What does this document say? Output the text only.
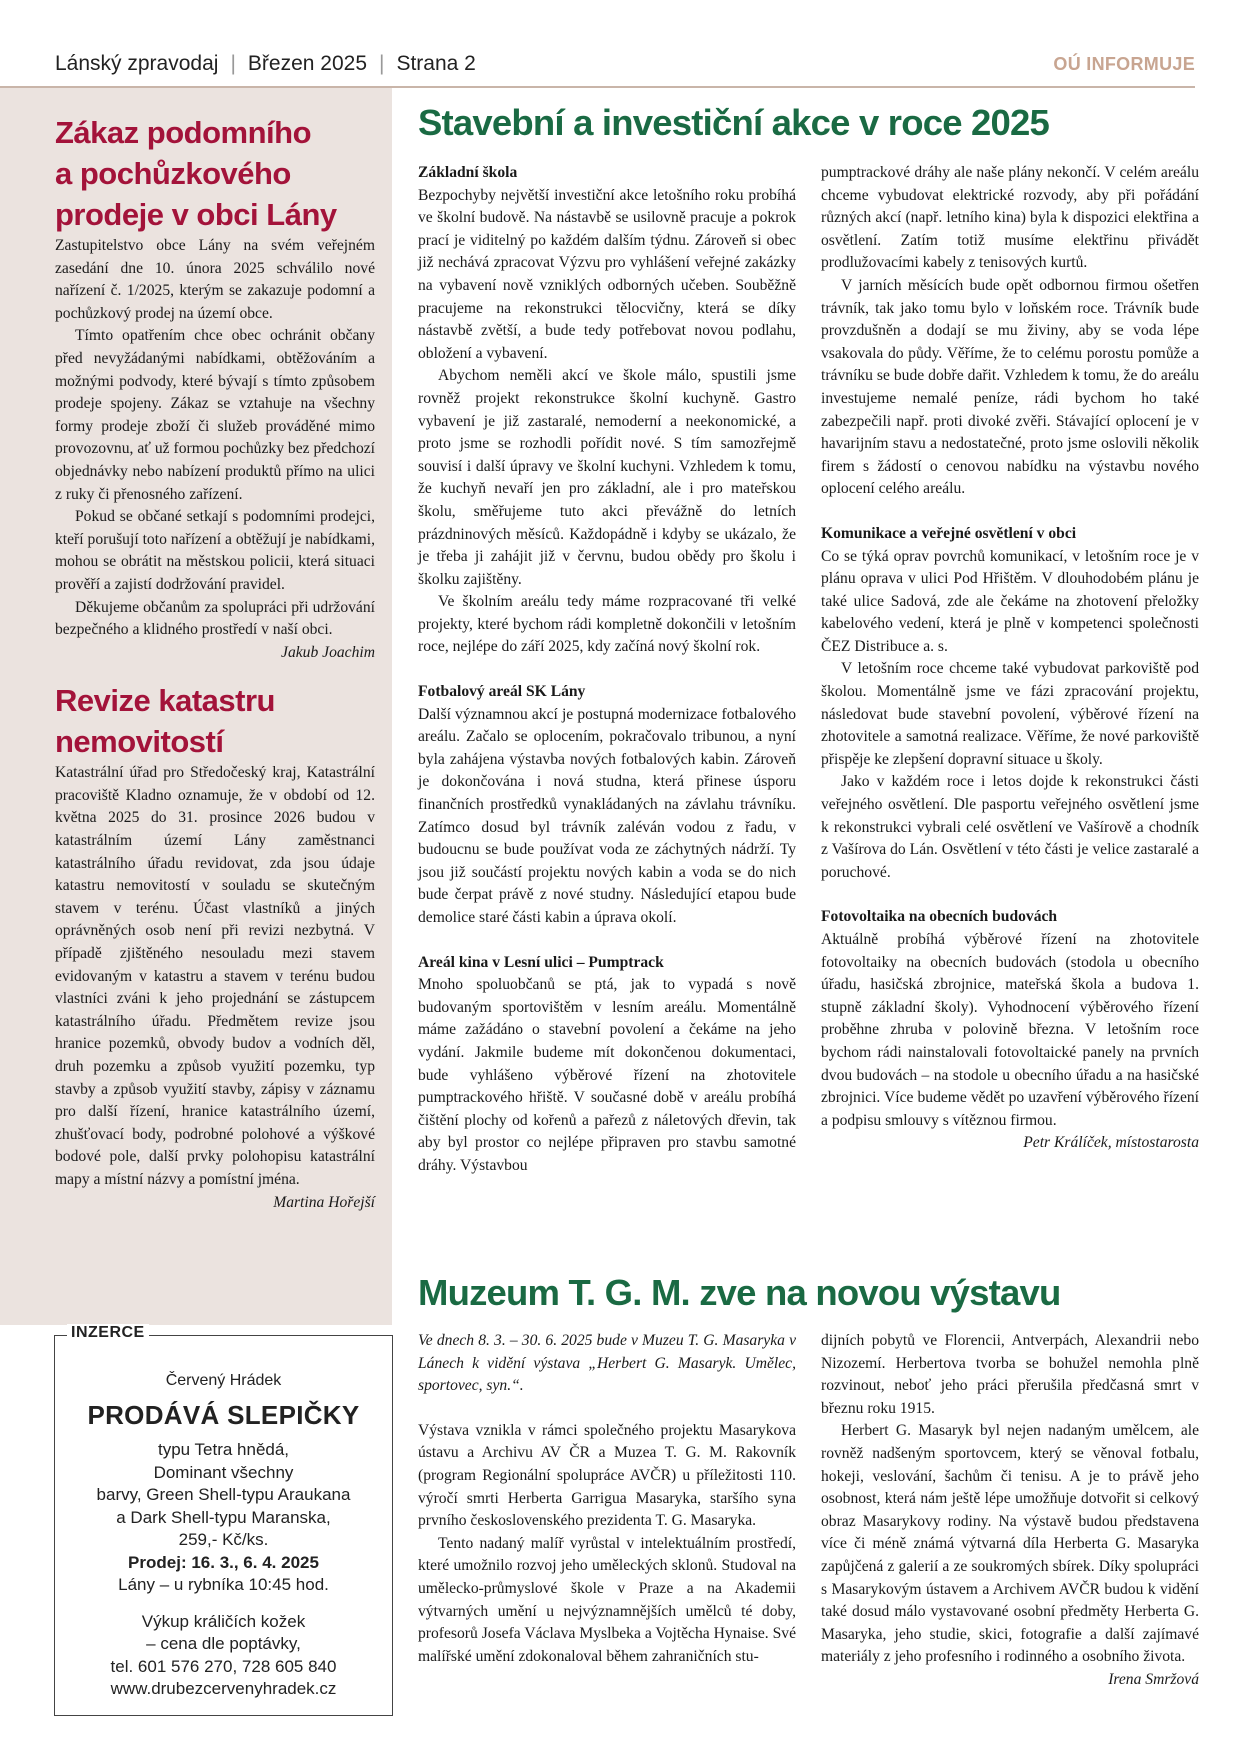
Lánský zpravodaj | Březen 2025 | Strana 2	OÚ INFORMUJE
Zákaz podomního
a pochůzkového
prodeje v obci Lány

Zastupitelstvo obce Lány na svém veřejném zasedání dne 10. února 2025 schválilo nové nařízení č. 1/2025, kterým se zakazuje podomní a pochůzkový prodej na území obce.

Tímto opatřením chce obec ochránit občany před nevyžádanými nabídkami, obtěžováním a možnými podvody, které bývají s tímto způsobem prodeje spojeny. Zákaz se vztahuje na všechny formy prodeje zboží či služeb prováděné mimo provozovnu, ať už formou pochůzky bez předchozí objednávky nebo nabízení produktů přímo na ulici z ruky či přenosného zařízení.

Pokud se občané setkají s podomními prodejci, kteří porušují toto nařízení a obtěžují je nabídkami, mohou se obrátit na městskou policii, která situaci prověří a zajistí dodržování pravidel.

Děkujeme občanům za spolupráci při udržování bezpečného a klidného prostředí v naší obci.

Jakub Joachim

Revize katastru
nemovitostí

Katastrální úřad pro Středočeský kraj, Katastrální pracoviště Kladno oznamuje, že v období od 12. května 2025 do 31. prosince 2026 budou v katastrálním území Lány zaměstnanci katastrálního úřadu revidovat, zda jsou údaje katastru nemovitostí v souladu se skutečným stavem v terénu. Účast vlastníků a jiných oprávněných osob není při revizi nezbytná. V případě zjištěného nesouladu mezi stavem evidovaným v katastru a stavem v terénu budou vlastníci zváni k jeho projednání se zástupcem katastrálního úřadu. Předmětem revize jsou hranice pozemků, obvody budov a vodních děl, druh pozemku a způsob využití pozemku, typ stavby a způsob využití stavby, zápisy v záznamu pro další řízení, hranice katastrálního území, zhušťovací body, podrobné polohové a výškové bodové pole, další prvky polohopisu katastrální mapy a místní názvy a pomístní jména.

Martina Hořejší

INZERCE
Červený Hrádek
PRODÁVÁ SLEPIČKY
typu Tetra hnědá,
Dominant všechny
barvy, Green Shell-typu Araukana
a Dark Shell-typu Maranska,
259,- Kč/ks.
Prodej: 16. 3., 6. 4. 2025
Lány – u rybníka 10:45 hod.
Výkup králičích kožek
– cena dle poptávky,
tel. 601 576 270, 728 605 840
www.drubezcervenyhradek.cz
Stavební a investiční akce v roce 2025
Základní škola

Bezpochyby největší investiční akce letošního roku probíhá ve školní budově. Na nástavbě se usilovně pracuje a pokrok prací je viditelný po každém dalším týdnu. Zároveň si obec již nechává zpracovat Výzvu pro vyhlášení veřejné zakázky na vybavení nově vzniklých odborných učeben. Souběžně pracujeme na rekonstrukci tělocvičny, která se díky nástavbě zvětší, a bude tedy potřebovat novou podlahu, obložení a vybavení.

Abychom neměli akcí ve škole málo, spustili jsme rovněž projekt rekonstrukce školní kuchyně. Gastro vybavení je již zastaralé, nemoderní a neekonomické, a proto jsme se rozhodli pořídit nové. S tím samozřejmě souvisí i další úpravy ve školní kuchyni. Vzhledem k tomu, že kuchyň nevaří jen pro základní, ale i pro mateřskou školu, směřujeme tuto akci převážně do letních prázdninových měsíců. Každopádně i kdyby se ukázalo, že je třeba ji zahájit již v červnu, budou obědy pro školu i školku zajištěny.

Ve školním areálu tedy máme rozpracované tři velké projekty, které bychom rádi kompletně dokončili v letošním roce, nejlépe do září 2025, kdy začíná nový školní rok.

Fotbalový areál SK Lány

Další významnou akcí je postupná modernizace fotbalového areálu. Začalo se oplocením, pokračovalo tribunou, a nyní byla zahájena výstavba nových fotbalových kabin. Zároveň je dokončována i nová studna, která přinese úsporu finančních prostředků vynakládaných na závlahu trávníku. Zatímco dosud byl trávník zaléván vodou z řadu, v budoucnu se bude používat voda ze záchytných nádrží. Ty jsou již součástí projektu nových kabin a voda se do nich bude čerpat právě z nové studny. Následující etapou bude demolice staré části kabin a úprava okolí.

Areál kina v Lesní ulici – Pumptrack

Mnoho spoluobčanů se ptá, jak to vypadá s nově budovaným sportovištěm v lesním areálu. Momentálně máme zažádáno o stavební povolení a čekáme na jeho vydání. Jakmile budeme mít dokončenou dokumentaci, bude vyhlášeno výběrové řízení na zhotovitele pumptrackového hřiště. V současné době v areálu probíhá čištění plochy od kořenů a pařezů z náletových dřevin, tak aby byl prostor co nejlépe připraven pro stavbu samotné dráhy. Výstavbou

pumptrackové dráhy ale naše plány nekončí. V celém areálu chceme vybudovat elektrické rozvody, aby při pořádání různých akcí (např. letního kina) byla k dispozici elektřina a osvětlení. Zatím totiž musíme elektřinu přivádět prodlužovacími kabely z tenisových kurtů.

V jarních měsících bude opět odbornou firmou ošetřen trávník, tak jako tomu bylo v loňském roce. Trávník bude provzdušněn a dodají se mu živiny, aby se voda lépe vsakovala do půdy. Věříme, že to celému porostu pomůže a trávníku se bude dobře dařit. Vzhledem k tomu, že do areálu investujeme nemalé peníze, rádi bychom ho také zabezpečili např. proti divoké zvěři. Stávající oplocení je v havarijním stavu a nedostatečné, proto jsme oslovili několik firem s žádostí o cenovou nabídku na výstavbu nového oplocení celého areálu.

Komunikace a veřejné osvětlení v obci

Co se týká oprav povrchů komunikací, v letošním roce je v plánu oprava v ulici Pod Hřištěm. V dlouhodobém plánu je také ulice Sadová, zde ale čekáme na zhotovení přeložky kabelového vedení, která je plně v kompetenci společnosti ČEZ Distribuce a. s.

V letošním roce chceme také vybudovat parkoviště pod školou. Momentálně jsme ve fázi zpracování projektu, následovat bude stavební povolení, výběrové řízení na zhotovitele a samotná realizace. Věříme, že nové parkoviště přispěje ke zlepšení dopravní situace u školy.

Jako v každém roce i letos dojde k rekonstrukci části veřejného osvětlení. Dle pasportu veřejného osvětlení jsme k rekonstrukci vybrali celé osvětlení ve Vašírově a chodník z Vašírova do Lán. Osvětlení v této části je velice zastaralé a poruchové.

Fotovoltaika na obecních budovách

Aktuálně probíhá výběrové řízení na zhotovitele fotovoltaiky na obecních budovách (stodola u obecního úřadu, hasičská zbrojnice, mateřská škola a budova 1. stupně základní školy). Vyhodnocení výběrového řízení proběhne zhruba v polovině března. V letošním roce bychom rádi nainstalovali fotovoltaické panely na prvních dvou budovách – na stodole u obecního úřadu a na hasičské zbrojnici. Více budeme vědět po uzavření výběrového řízení a podpisu smlouvy s vítěznou firmou.

Petr Králíček, místostarosta

Muzeum T. G. M. zve na novou výstavu

Ve dnech 8. 3. – 30. 6. 2025 bude v Muzeu T. G. Masaryka v Lánech k vidění výstava „Herbert G. Masaryk. Umělec, sportovec, syn.“.

Výstava vznikla v rámci společného projektu Masarykova ústavu a Archivu AV ČR a Muzea T. G. M. Rakovník (program Regionální spolupráce AVČR) u příležitosti 110. výročí smrti Herberta Garrigua Masaryka, staršího syna prvního československého prezidenta T. G. Masaryka.

Tento nadaný malíř vyrůstal v intelektuálním prostředí, které umožnilo rozvoj jeho uměleckých sklonů. Studoval na umělecko-průmyslové škole v Praze a na Akademii výtvarných umění u nejvýznamnějších umělců té doby, profesorů Josefa Václava Myslbeka a Vojtěcha Hynaise. Své malířské umění zdokonaloval během zahraničních stu-

dijních pobytů ve Florencii, Antverpách, Alexandrii nebo Nizozemí. Herbertova tvorba se bohužel nemohla plně rozvinout, neboť jeho práci přerušila předčasná smrt v březnu roku 1915.

Herbert G. Masaryk byl nejen nadaným umělcem, ale rovněž nadšeným sportovcem, který se věnoval fotbalu, hokeji, veslování, šachům či tenisu. A je to právě jeho osobnost, která nám ještě lépe umožňuje dotvořit si celkový obraz Masarykovy rodiny. Na výstavě budou představena více či méně známá výtvarná díla Herberta G. Masaryka zapůjčená z galerií a ze soukromých sbírek. Díky spolupráci s Masarykovým ústavem a Archivem AVČR budou k vidění také dosud málo vystavované osobní předměty Herberta G. Masaryka, jeho studie, skici, fotografie a další zajímavé materiály z jeho profesního i rodinného a osobního života.

Irena Smržová
